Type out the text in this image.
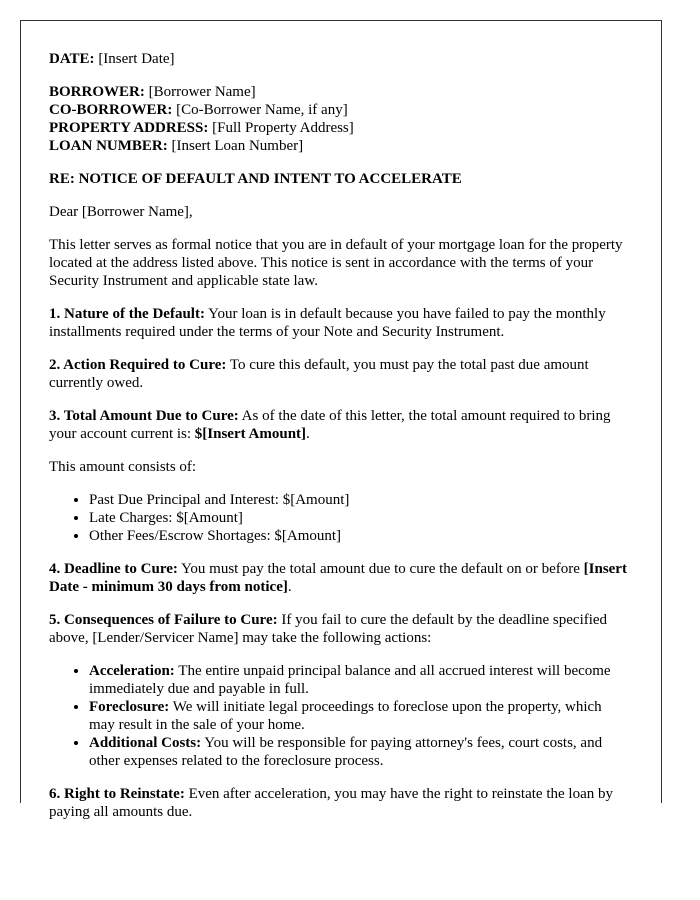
DATE: [Insert Date]

BORROWER: [Borrower Name]
CO-BORROWER: [Co-Borrower Name, if any]
PROPERTY ADDRESS: [Full Property Address]
LOAN NUMBER: [Insert Loan Number]

RE: NOTICE OF DEFAULT AND INTENT TO ACCELERATE

Dear [Borrower Name],

This letter serves as formal notice that you are in default of your mortgage loan for the property located at the address listed above. This notice is sent in accordance with the terms of your Security Instrument and applicable state law.

1. Nature of the Default: Your loan is in default because you have failed to pay the monthly installments required under the terms of your Note and Security Instrument.

2. Action Required to Cure: To cure this default, you must pay the total past due amount currently owed.

3. Total Amount Due to Cure: As of the date of this letter, the total amount required to bring your account current is: $[Insert Amount].

This amount consists of:

• Past Due Principal and Interest: $[Amount]
• Late Charges: $[Amount]
• Other Fees/Escrow Shortages: $[Amount]

4. Deadline to Cure: You must pay the total amount due to cure the default on or before [Insert Date - minimum 30 days from notice].

5. Consequences of Failure to Cure: If you fail to cure the default by the deadline specified above, [Lender/Servicer Name] may take the following actions:

• Acceleration: The entire unpaid principal balance and all accrued interest will become immediately due and payable in full.
• Foreclosure: We will initiate legal proceedings to foreclose upon the property, which may result in the sale of your home.
• Additional Costs: You will be responsible for paying attorney's fees, court costs, and other expenses related to the foreclosure process.

6. Right to Reinstate: Even after acceleration, you may have the right to reinstate the loan by paying all amounts due.
